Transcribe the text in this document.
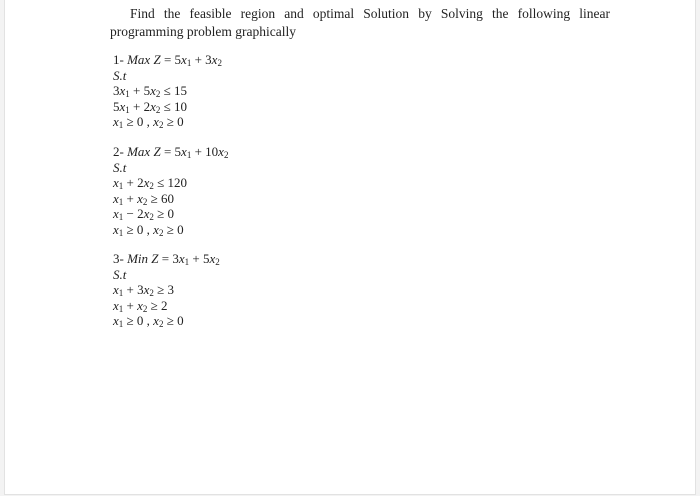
Find the feasible region and optimal Solution by Solving the following linear programming problem graphically
1- Max $Z = 5x_1 + 3x_2$
S.t
$3x_1 + 5x_2 \le 15$
$5x_1 + 2x_2 \le 10$
$x_1 \ge 0$ , $x_2 \ge 0$
2- Max $Z = 5x_1 + 10x_2$
S.t
$x_1 + 2x_2 \le 120$
$x_1 + x_2 \ge 60$
$x_1 - 2x_2 \ge 0$
$x_1 \ge 0$ , $x_2 \ge 0$
3- Min $Z = 3x_1 + 5x_2$
S.t
$x_1 + 3x_2 \ge 3$
$x_1 + x_2 \ge 2$
$x_1 \ge 0$ , $x_2 \ge 0$
